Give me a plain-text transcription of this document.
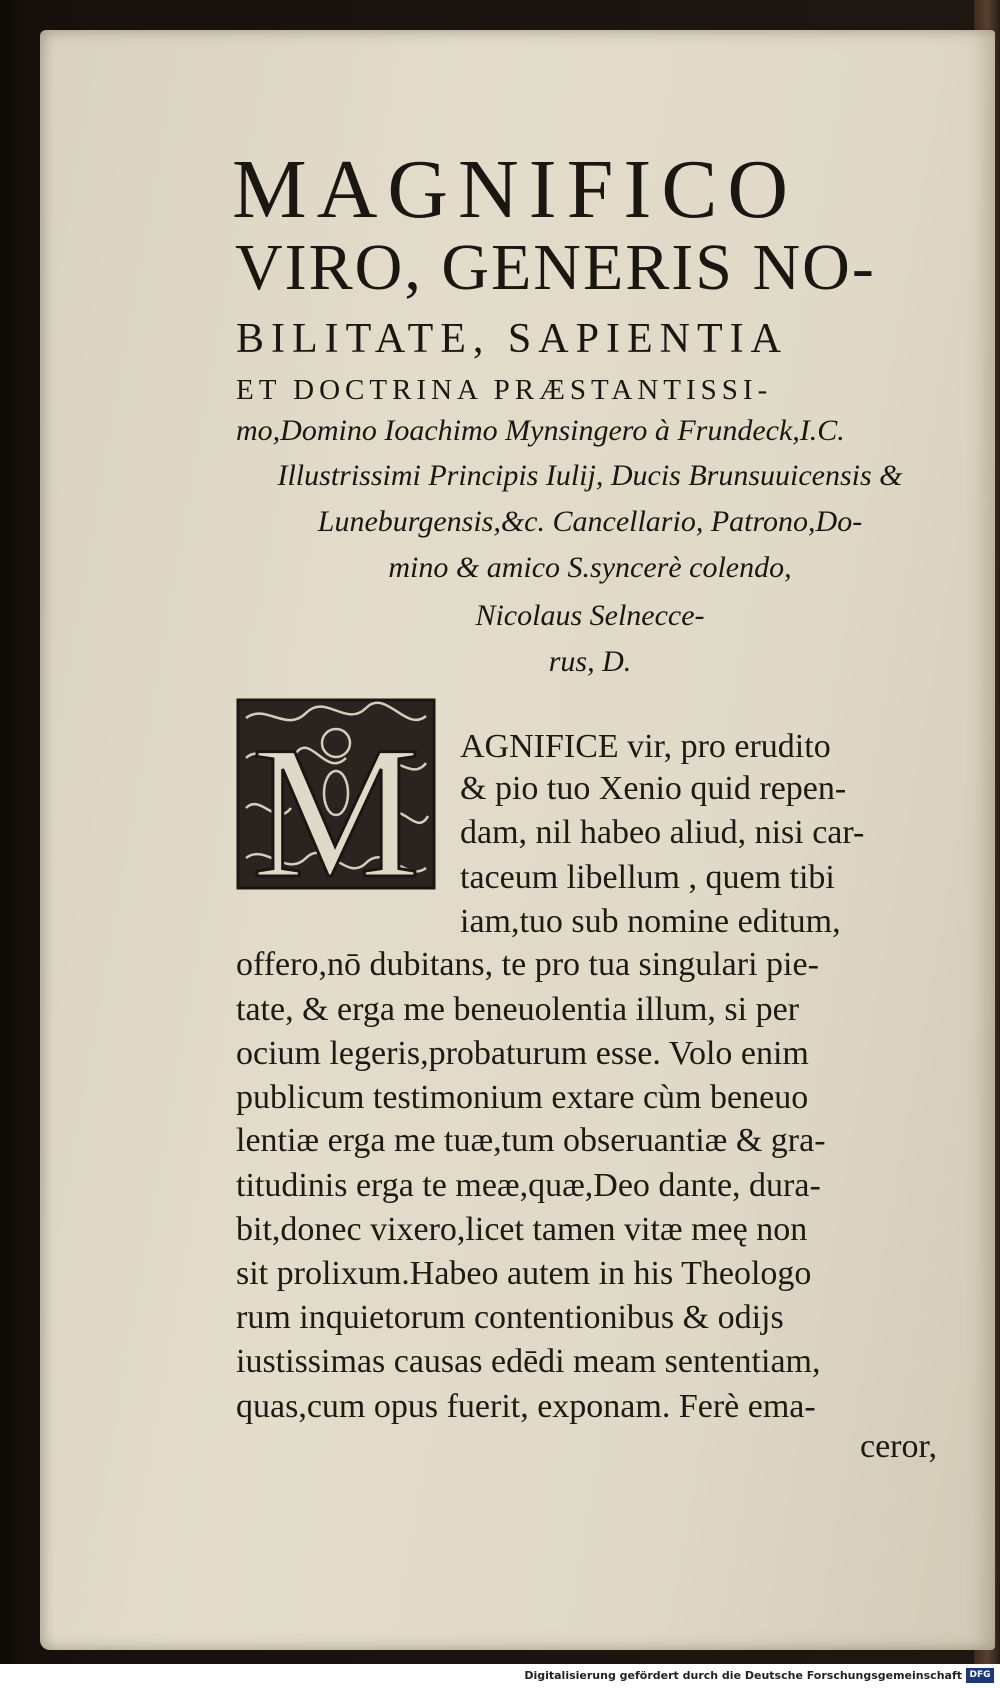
MAGNIFICO
VIRO, GENERIS NO-
BILITATE, SAPIENTIA
ET DOCTRINA PRÆSTANTISSI-
mo,Domino Ioachimo Mynsingero à Frundeck,I.C.
Illustrissimi Principis Iulij, Ducis Brunsuuicensis &
Luneburgensis,&c. Cancellario, Patrono,Do-
mino & amico S.syncerè colendo,
Nicolaus Selnecce-
rus, D.
M AGNIFICE vir, pro erudito
& pio tuo Xenio quid repen-
dam, nil habeo aliud, nisi car-
taceum libellum , quem tibi
iam,tuo sub nomine editum,
offero,nō dubitans, te pro tua singulari pie-
tate, & erga me beneuolentia illum, si per
ocium legeris,probaturum esse. Volo enim
publicum testimonium extare cùm beneuo
lentiæ erga me tuæ,tum obseruantiæ & gra-
titudinis erga te meæ,quæ,Deo dante, dura-
bit,donec vixero,licet tamen vitæ meę non
sit prolixum.Habeo autem in his Theologo
rum inquietorum contentionibus & odijs
iustissimas causas edēdi meam sententiam,
quas,cum opus fuerit, exponam. Ferè ema-
ceror,
Digitalisierung gefördert durch die Deutsche Forschungsgemeinschaft DFG
